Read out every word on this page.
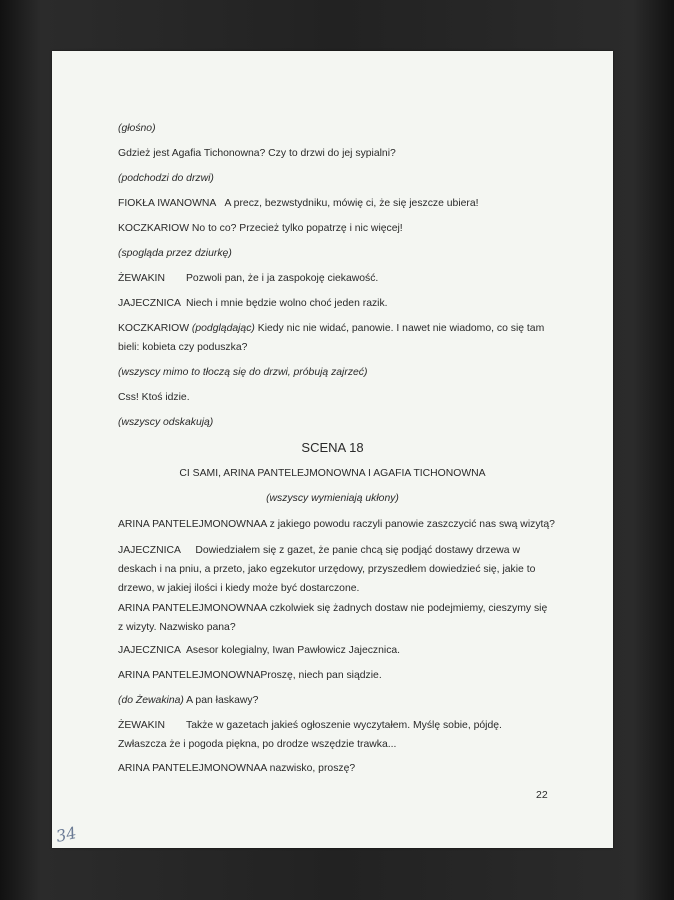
(głośno)

Gdzież jest Agafia Tichonowna? Czy to drzwi do jej sypialni?

(podchodzi do drzwi)

FIOKŁA IWANOWNA A precz, bezwstydniku, mówię ci, że się jeszcze ubiera!

KOCZKARIOW No to co? Przecież tylko popatrzę i nic więcej!

(spogląda przez dziurkę)

ŻEWAKIN Pozwoli pan, że i ja zaspokoję ciekawość.

JAJECZNICA Niech i mnie będzie wolno choć jeden razik.

KOCZKARIOW (podglądając) Kiedy nic nie widać, panowie. I nawet nie wiadomo, co się tam bieli: kobieta czy poduszka?

(wszyscy mimo to tłoczą się do drzwi, próbują zajrzeć)

Css! Ktoś idzie.

(wszyscy odskakują)

SCENA 18

CI SAMI, ARINA PANTELEJMONOWNA I AGAFIA TICHONOWNA

(wszyscy wymieniają ukłony)

ARINA PANTELEJMONOWNAA z jakiego powodu raczyli panowie zaszczycić nas swą wizytą?

JAJECZNICA Dowiedziałem się z gazet, że panie chcą się podjąć dostawy drzewa w deskach i na pniu, a przeto, jako egzekutor urzędowy, przyszedłem dowiedzieć się, jakie to drzewo, w jakiej ilości i kiedy może być dostarczone.

ARINA PANTELEJMONOWNAA czkolwiek się żadnych dostaw nie podejmiemy, cieszymy się z wizyty. Nazwisko pana?

JAJECZNICA Asesor kolegialny, Iwan Pawłowicz Jajecznica.

ARINA PANTELEJMONOWNAProszę, niech pan siądzie.

(do Żewakina) A pan łaskawy?

ŻEWAKIN Także w gazetach jakieś ogłoszenie wyczytałem. Myślę sobie, pójdę. Zwłaszcza że i pogoda piękna, po drodze wszędzie trawka...

ARINA PANTELEJMONOWNAA nazwisko, proszę?

22
34
